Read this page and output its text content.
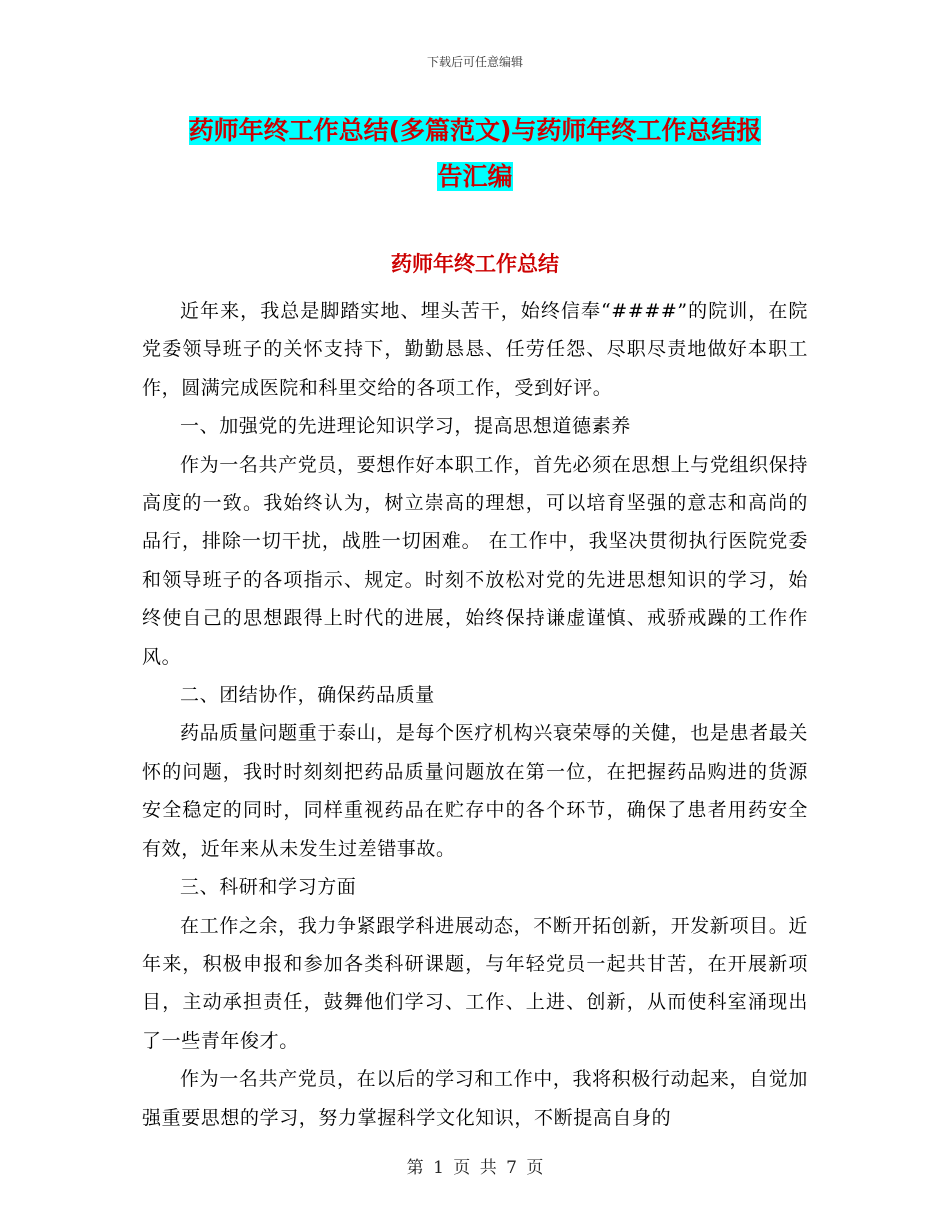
下载后可任意编辑
药师年终工作总结(多篇范文)与药师年终工作总结报
告汇编
药师年终工作总结

近年来，我总是脚踏实地、埋头苦干，始终信奉“####”的院训，在院党委领导班子的关怀支持下，勤勤恳恳、任劳任怨、尽职尽责地做好本职工作，圆满完成医院和科里交给的各项工作，受到好评。

一、加强党的先进理论知识学习，提高思想道德素养

作为一名共产党员，要想作好本职工作，首先必须在思想上与党组织保持高度的一致。我始终认为，树立崇高的理想，可以培育坚强的意志和高尚的品行，排除一切干扰，战胜一切困难。 在工作中，我坚决贯彻执行医院党委和领导班子的各项指示、规定。时刻不放松对党的先进思想知识的学习，始终使自己的思想跟得上时代的进展，始终保持谦虚谨慎、戒骄戒躁的工作作风。

二、团结协作，确保药品质量

药品质量问题重于泰山，是每个医疗机构兴衰荣辱的关健，也是患者最关怀的问题，我时时刻刻把药品质量问题放在第一位，在把握药品购进的货源安全稳定的同时，同样重视药品在贮存中的各个环节，确保了患者用药安全有效，近年来从未发生过差错事故。

三、科研和学习方面

在工作之余，我力争紧跟学科进展动态，不断开拓创新，开发新项目。近年来，积极申报和参加各类科研课题，与年轻党员一起共甘苦，在开展新项目，主动承担责任，鼓舞他们学习、工作、上进、创新，从而使科室涌现出了一些青年俊才。

作为一名共产党员，在以后的学习和工作中，我将积极行动起来，自觉加强重要思想的学习，努力掌握科学文化知识，不断提高自身的

第 1 页 共 7 页
